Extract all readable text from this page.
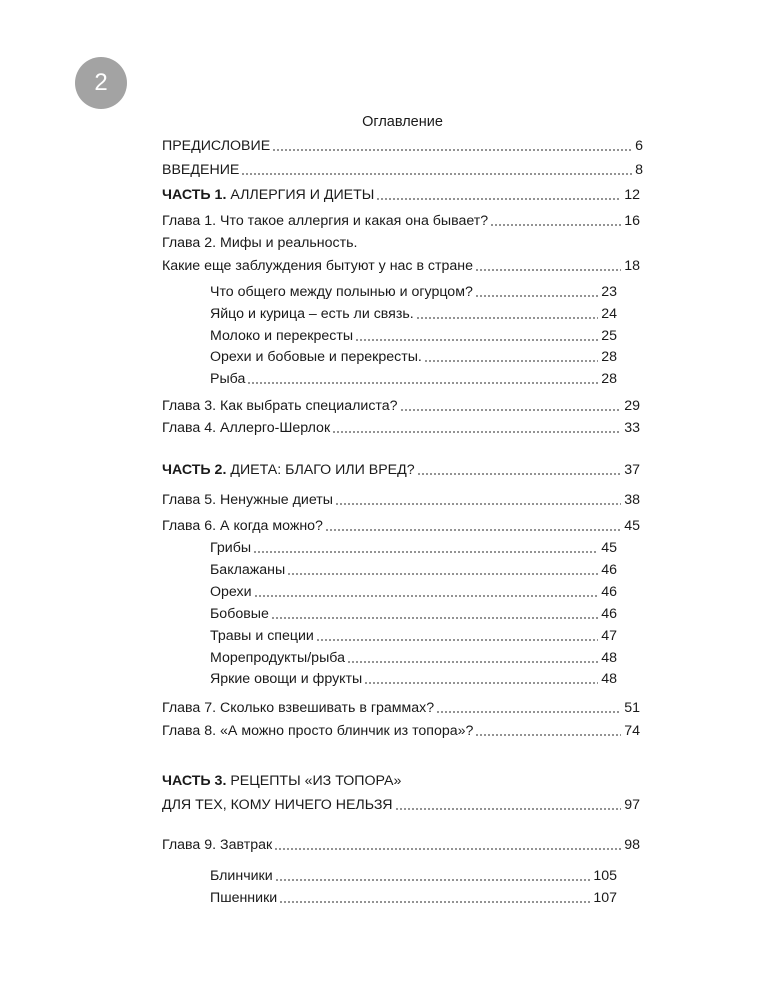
2
Оглавление
ПРЕДИСЛОВИЕ	6
ВВЕДЕНИЕ	8
ЧАСТЬ 1.
АЛЛЕРГИЯ И ДИЕТЫ	12
Глава 1. Что такое аллергия и какая она бывает?	16
Глава 2. Мифы и реальность.
Какие еще заблуждения бытуют у нас в стране	18
Что общего между полынью и огурцом?	23
Яйцо и курица – есть ли связь.	24
Молоко и перекресты	25
Орехи и бобовые и перекресты.	28
Рыба	28
Глава 3. Как выбрать специалиста?	29
Глава 4. Аллерго-Шерлок	33
ЧАСТЬ 2.
ДИЕТА: БЛАГО ИЛИ ВРЕД?	37
Глава 5. Ненужные диеты	38
Глава 6. А когда можно?	45
Грибы	45
Баклажаны	46
Орехи	46
Бобовые	46
Травы и специи	47
Морепродукты/рыба	48
Яркие овощи и фрукты	48
Глава 7. Сколько взвешивать в граммах?	51
Глава 8. «А можно просто блинчик из топора»?	74
ЧАСТЬ 3.
РЕЦЕПТЫ «ИЗ ТОПОРА»
ДЛЯ ТЕХ, КОМУ НИЧЕГО НЕЛЬЗЯ	97
Глава 9. Завтрак	98
Блинчики	105
Пшенники	107
